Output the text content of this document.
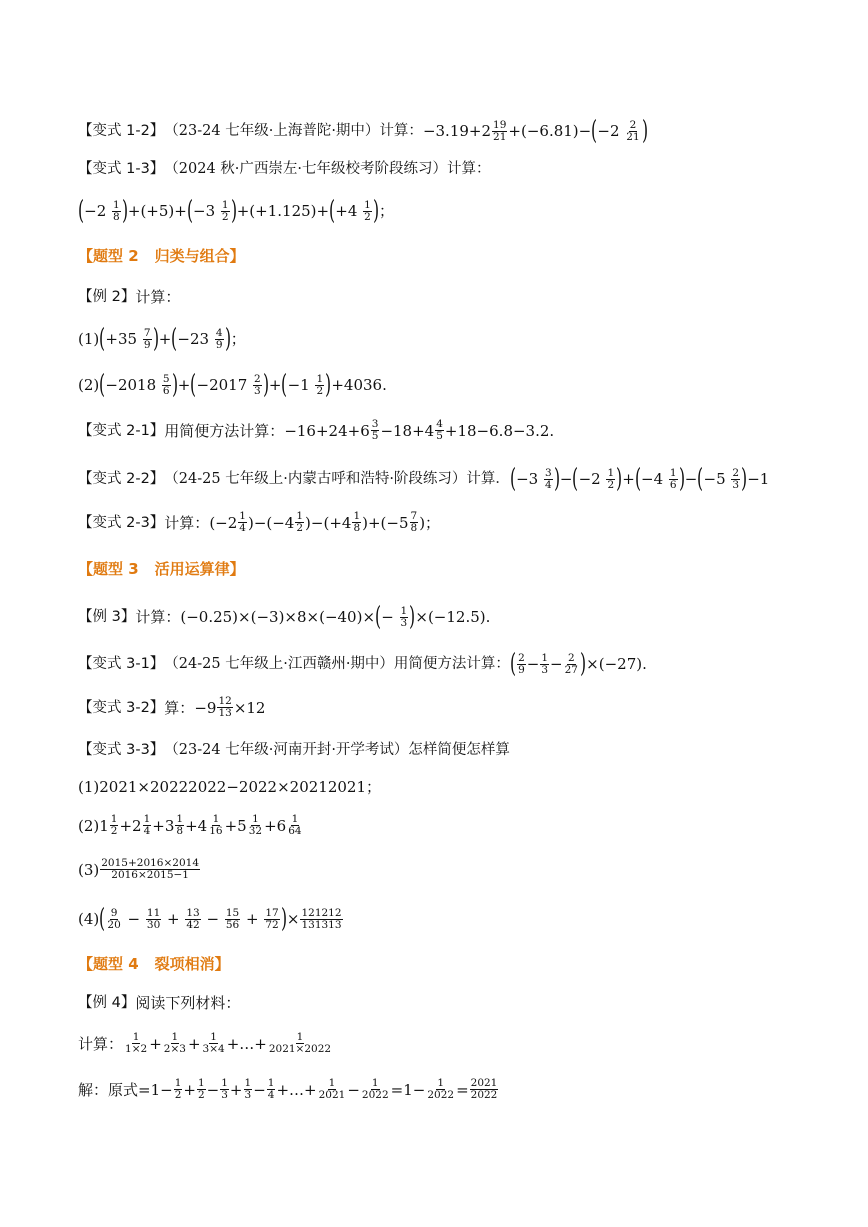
【变式 1-2】 （23-24 七年级·上海普陀·期中）计算： $-3.19+2 \frac{19}{21} +(-6.81)-$ ( $-2 \frac{2}{21}$ )
【变式 1-3】 （2024 秋·广西崇左·七年级校考阶段练习）计算：
( $-2 \frac{1}{8}$ ) +(+5)+ ( $-3 \frac{1}{2}$ ) +(+1.125)+ ( $+4 \frac{1}{2}$ ) ；
【题型 2 归类与组合】
【例 2】 计算：
(1) ( $+35 \frac{7}{9}$ ) + ( $-23 \frac{4}{9}$ ) ；
(2) ( $-2018 \frac{5}{6}$ ) + ( $-2017 \frac{2}{3}$ ) + ( $-1 \frac{1}{2}$ ) +4036.
【变式 2-1】 用简便方法计算： $-16+24+6 \frac{3}{5} -18+4 \frac{4}{5} +18-6.8-3.2$.
【变式 2-2】 （24-25 七年级上·内蒙古呼和浩特·阶段练习）计算． ( $-3 \frac{3}{4}$ ) − ( $-2 \frac{1}{2}$ ) + ( $-4 \frac{1}{6}$ ) − ( $-5 \frac{2}{3}$ ) −1
【变式 2-3】 计算： $(-2 \frac{1}{4} )-(-4 \frac{1}{2} )-(+4 \frac{1}{8} )+(-5 \frac{7}{8}$ )；
【题型 3 活用运算律】
【例 3】 计算： (−0.25)×(−3)×8×(−40)× ( − $\frac{1}{3}$ ) ×(−12.5).
【变式 3-1】 （24-25 七年级上·江西赣州·期中）用简便方法计算： ( $\frac{2}{9} - \frac{1}{3} - \frac{2}{27}$ ) ×(−27).
【变式 3-2】 算： $-9 \frac{12}{13} \times 12$
【变式 3-3】 （23-24 七年级·河南开封·开学考试）怎样简便怎样算
(1)2021×20222022−2022×20212021；
$(2)1 \frac{1}{2} +2 \frac{1}{4} +3 \frac{1}{8} +4 \frac{1}{16} +5 \frac{1}{32} +6 \frac{1}{64}$
$(3) \frac{2015+2016\times 2014}{2016\times 2015-1}$
(4) ( $\frac{9}{20} - \frac{11}{30} + \frac{13}{42} - \frac{15}{56} + \frac{17}{72}$ ) × $\frac{121212}{131313}$
【题型 4 裂项相消】
【例 4】 阅读下列材料：
计算： $\frac{1}{1\times 2} + \frac{1}{2\times 3} + \frac{1}{3\times 4}$ +…+ $\frac{1}{2021\times 2022}$
解：原式 $=1- \frac{1}{2} + \frac{1}{2} - \frac{1}{3} + \frac{1}{3} - \frac{1}{4}$ +…+ $\frac{1}{2021} - \frac{1}{2022} =1- \frac{1}{2022} = \frac{2021}{2022}$
